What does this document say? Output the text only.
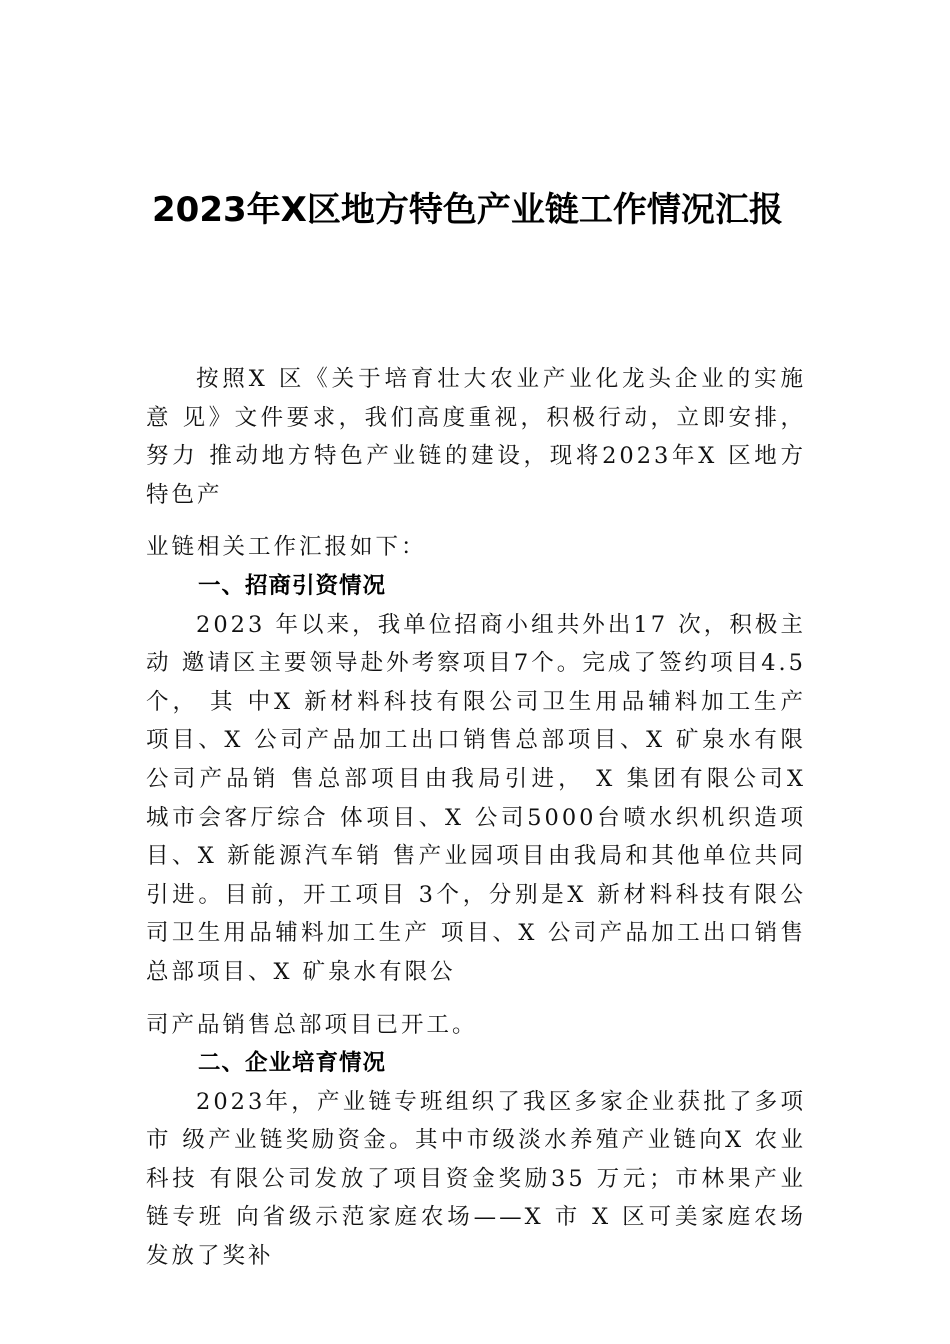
2023年X区地方特色产业链工作情况汇报

按照X 区《关于培育壮大农业产业化龙头企业的实施意 见》文件要求，我们高度重视，积极行动，立即安排，努力 推动地方特色产业链的建设，现将2023年X 区地方特色产

业链相关工作汇报如下：

一、招商引资情况

2023 年以来，我单位招商小组共外出17 次，积极主动 邀请区主要领导赴外考察项目7个。完成了签约项目4.5个， 其 中X 新材料科技有限公司卫生用品辅料加工生产项目、X 公司产品加工出口销售总部项目、X 矿泉水有限公司产品销 售总部项目由我局引进， X 集团有限公司X 城市会客厅综合 体项目、X 公司5000台喷水织机织造项目、X 新能源汽车销 售产业园项目由我局和其他单位共同引进。目前，开工项目 3个，分别是X 新材料科技有限公司卫生用品辅料加工生产 项目、X 公司产品加工出口销售总部项目、X 矿泉水有限公

司产品销售总部项目已开工。

二、企业培育情况

2023年，产业链专班组织了我区多家企业获批了多项市 级产业链奖励资金。其中市级淡水养殖产业链向X 农业科技 有限公司发放了项目资金奖励35 万元；市林果产业链专班 向省级示范家庭农场——X 市 X 区可美家庭农场发放了奖补
